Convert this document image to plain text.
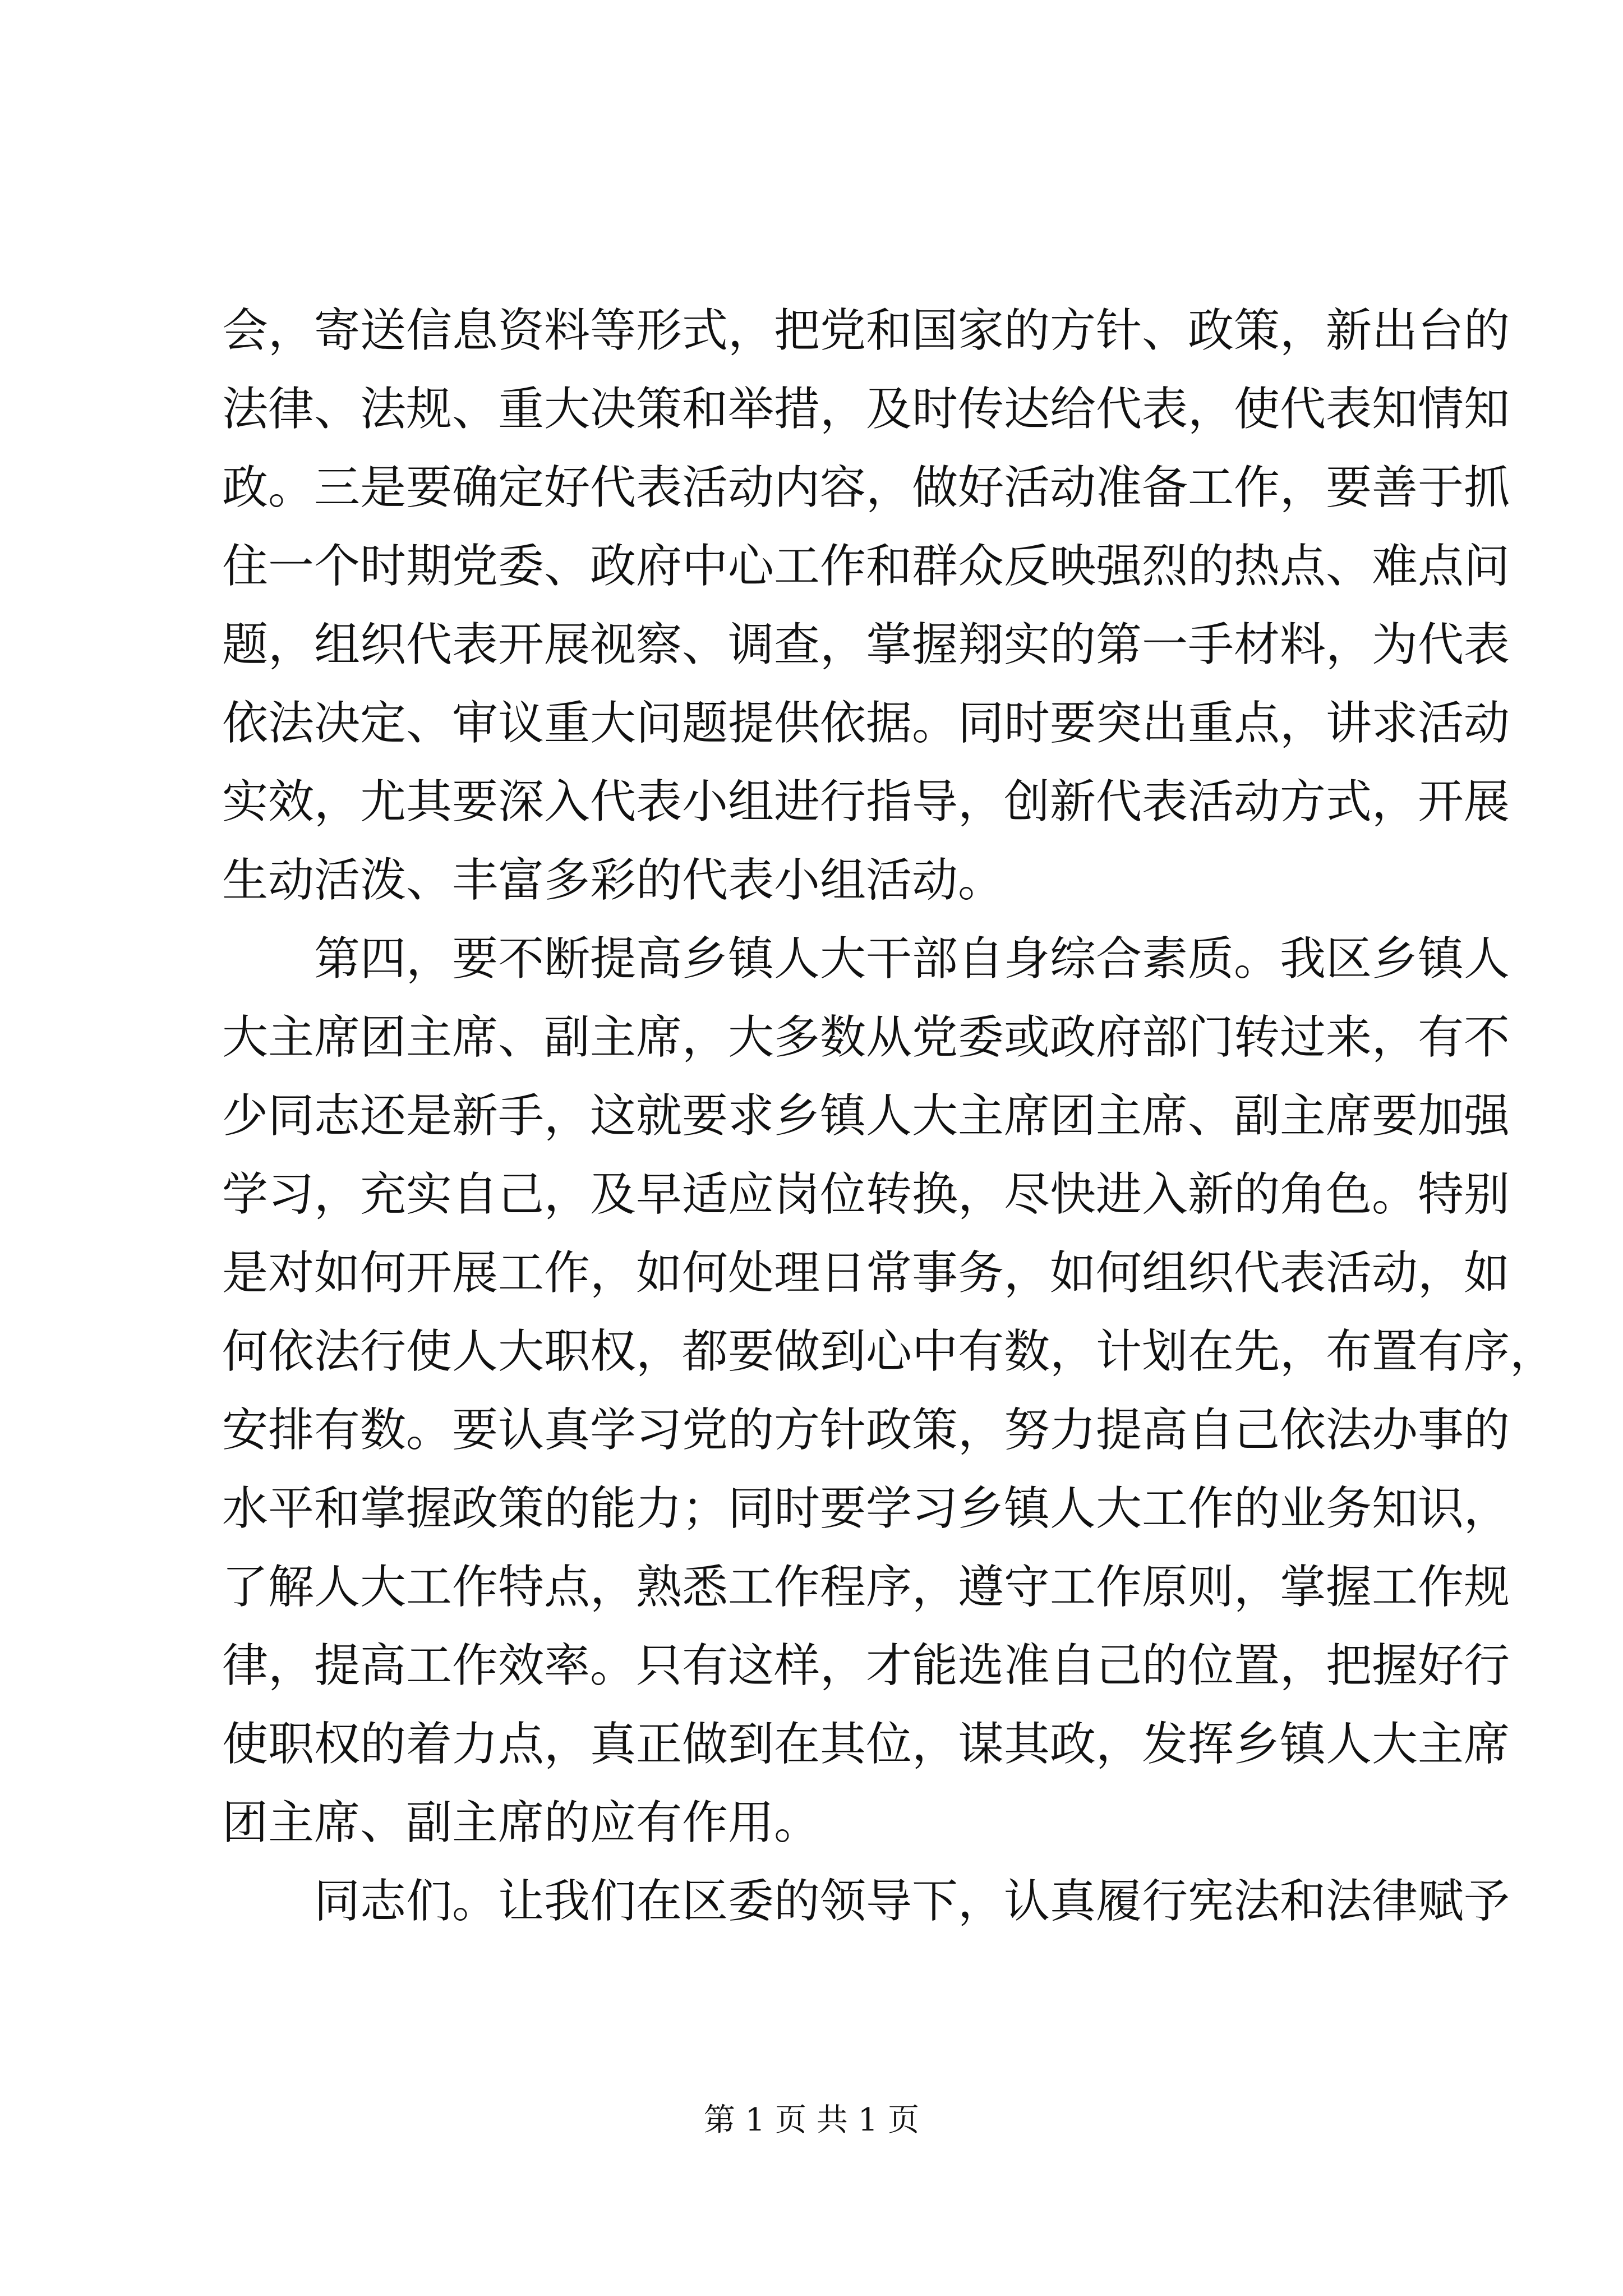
会，寄送信息资料等形式，把党和国家的方针、政策，新出台的
法律、法规、重大决策和举措，及时传达给代表，使代表知情知
政。三是要确定好代表活动内容，做好活动准备工作，要善于抓
住一个时期党委、政府中心工作和群众反映强烈的热点、难点问
题，组织代表开展视察、调查，掌握翔实的第一手材料，为代表
依法决定、审议重大问题提供依据。同时要突出重点，讲求活动
实效，尤其要深入代表小组进行指导，创新代表活动方式，开展
生动活泼、丰富多彩的代表小组活动。
第四，要不断提高乡镇人大干部自身综合素质。我区乡镇人
大主席团主席、副主席，大多数从党委或政府部门转过来，有不
少同志还是新手，这就要求乡镇人大主席团主席、副主席要加强
学习，充实自己，及早适应岗位转换，尽快进入新的角色。特别
是对如何开展工作，如何处理日常事务，如何组织代表活动，如
何依法行使人大职权，都要做到心中有数，计划在先，布置有序，
安排有数。要认真学习党的方针政策，努力提高自己依法办事的
水平和掌握政策的能力；同时要学习乡镇人大工作的业务知识，
了解人大工作特点，熟悉工作程序，遵守工作原则，掌握工作规
律，提高工作效率。只有这样，才能选准自己的位置，把握好行
使职权的着力点，真正做到在其位，谋其政，发挥乡镇人大主席
团主席、副主席的应有作用。
同志们。让我们在区委的领导下，认真履行宪法和法律赋予
第 1 页 共 1 页
